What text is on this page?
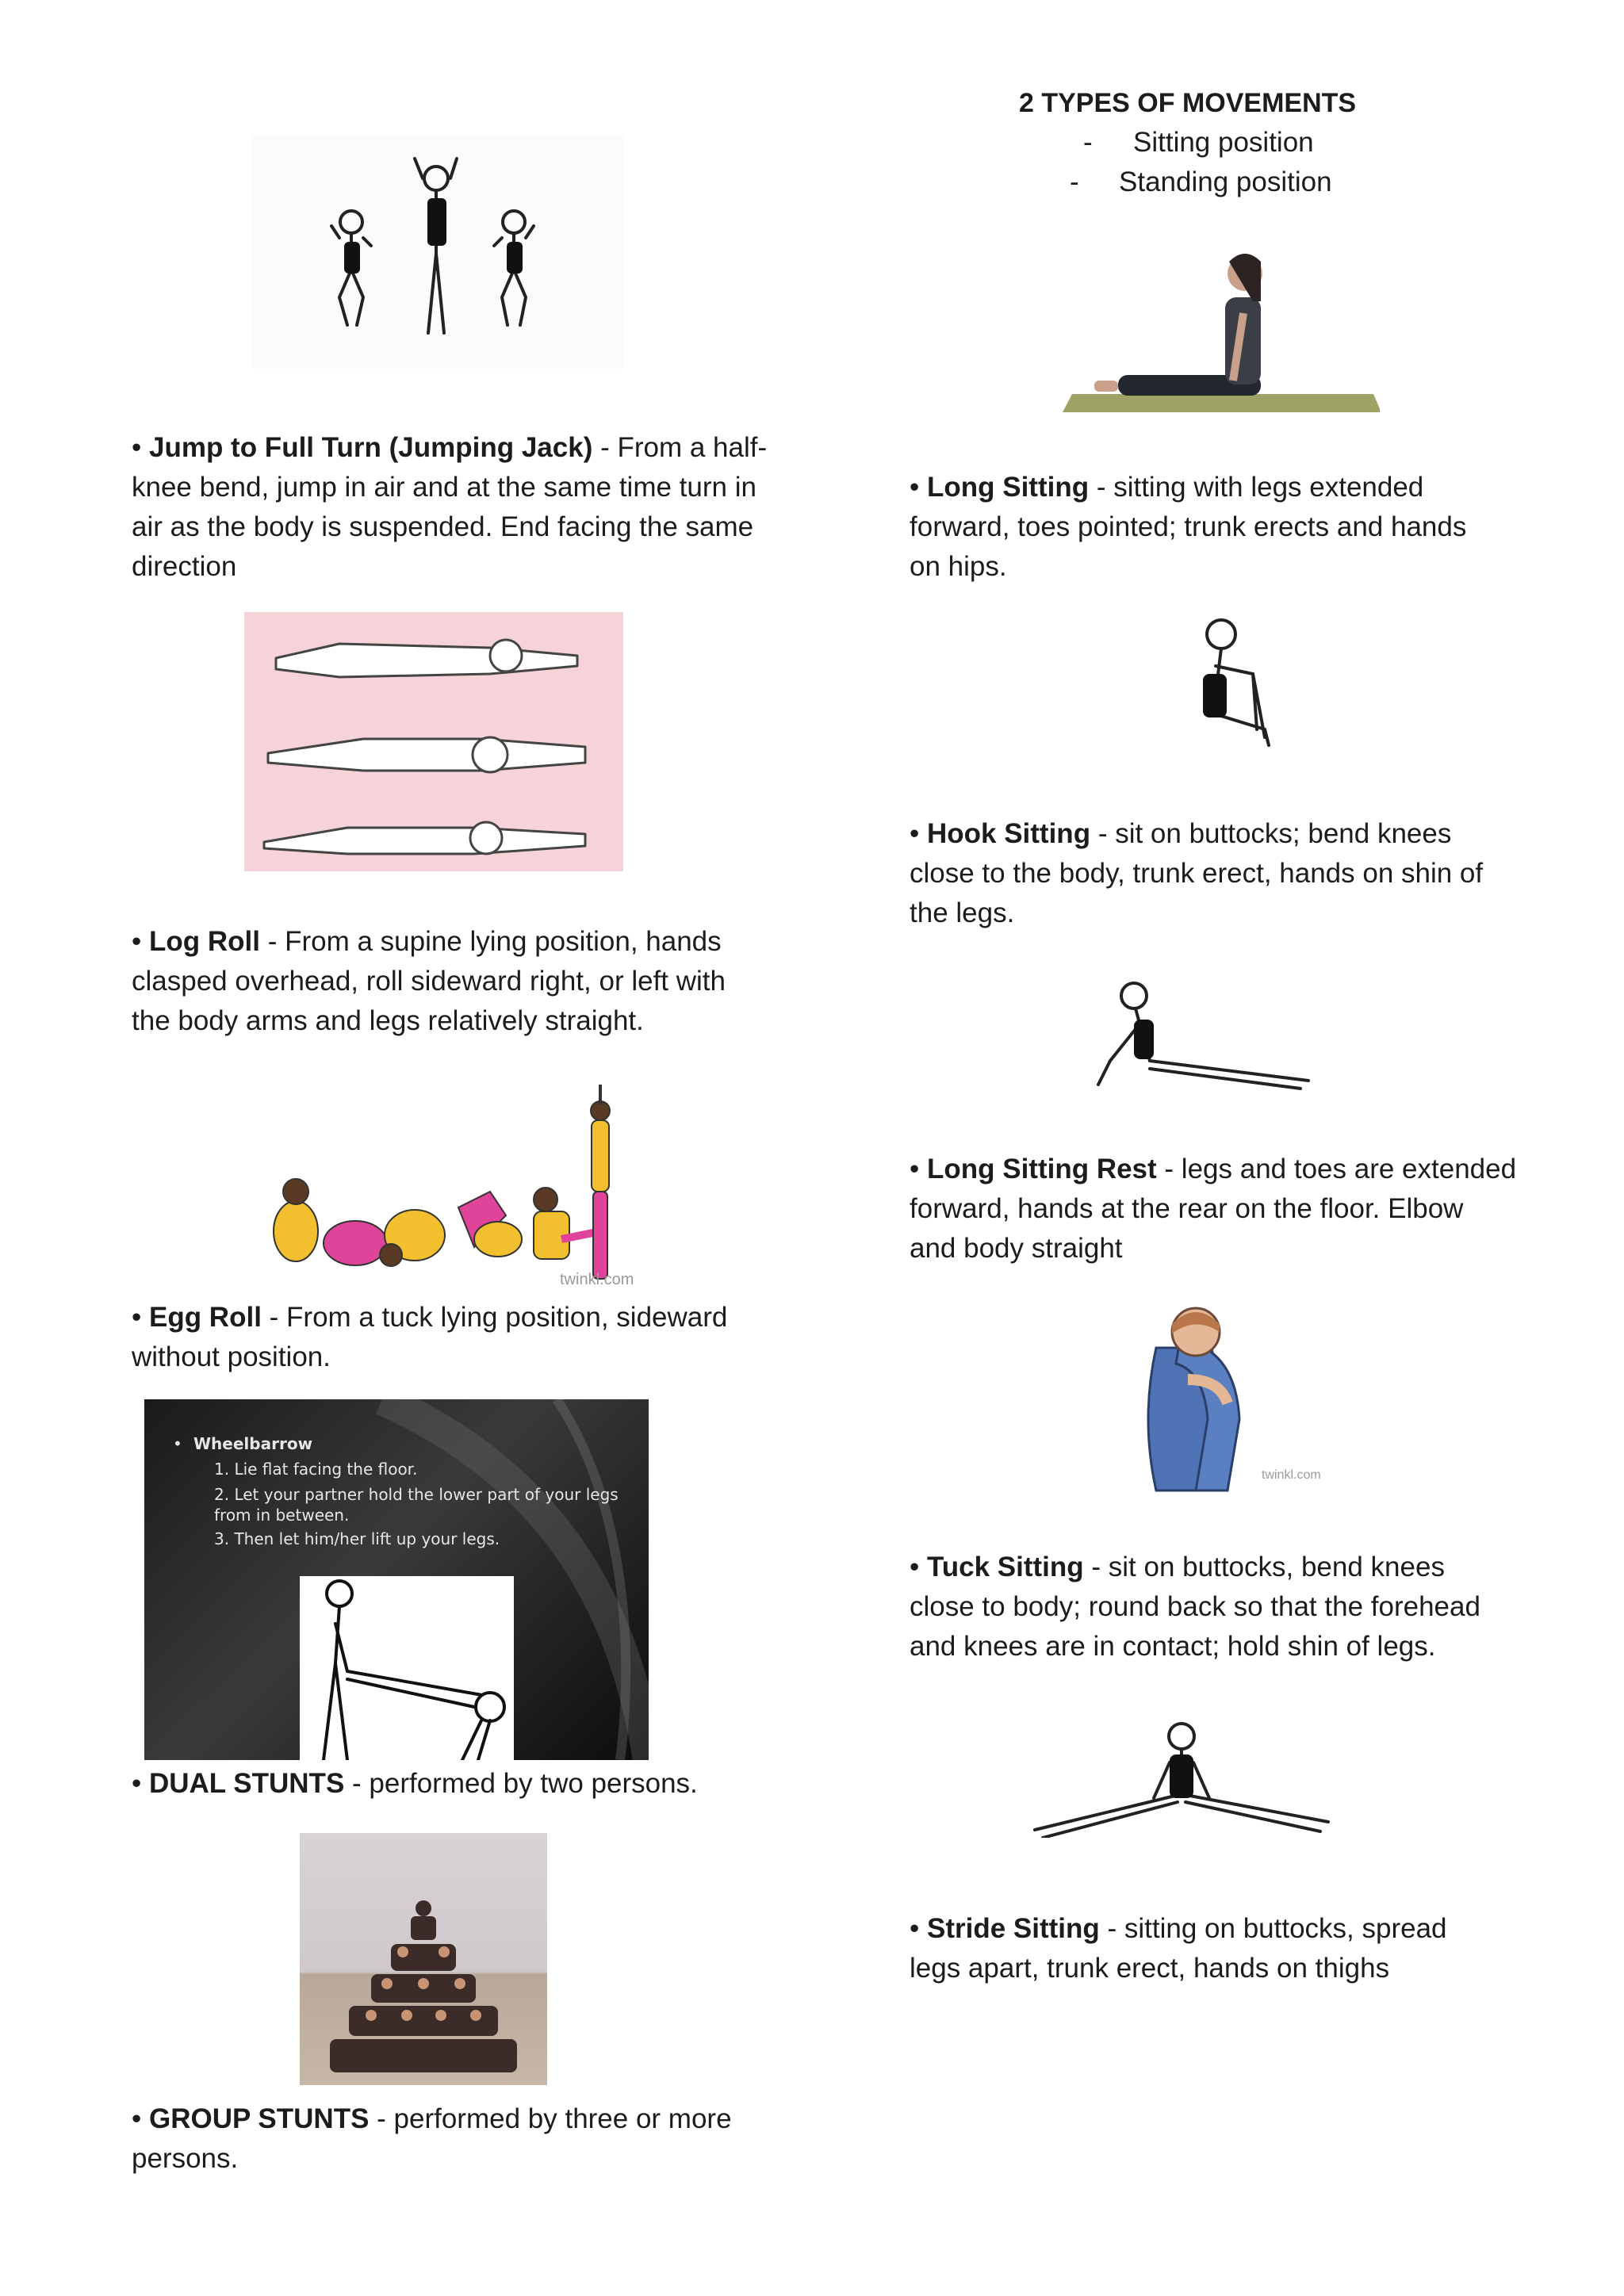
2 TYPES OF MOVEMENTS
- Sitting position
- Standing position
• Jump to Full Turn (Jumping Jack) - From a half-
knee bend, jump in air and at the same time turn in
air as the body is suspended. End facing the same
direction
• Log Roll - From a supine lying position, hands
clasped overhead, roll sideward right, or left with
the body arms and legs relatively straight.
twinkl.com
• Egg Roll - From a tuck lying position, sideward
without position.
• Wheelbarrow
1. Lie flat facing the floor.
2. Let your partner hold the lower part of your legs
from in between.
3. Then let him/her lift up your legs.
• DUAL STUNTS - performed by two persons.
• GROUP STUNTS - performed by three or more
persons.
• Long Sitting - sitting with legs extended
forward, toes pointed; trunk erects and hands
on hips.
• Hook Sitting - sit on buttocks; bend knees
close to the body, trunk erect, hands on shin of
the legs.
• Long Sitting Rest - legs and toes are extended
forward, hands at the rear on the floor. Elbow
and body straight
twinkl.com
• Tuck Sitting - sit on buttocks, bend knees
close to body; round back so that the forehead
and knees are in contact; hold shin of legs.
• Stride Sitting - sitting on buttocks, spread
legs apart, trunk erect, hands on thighs
